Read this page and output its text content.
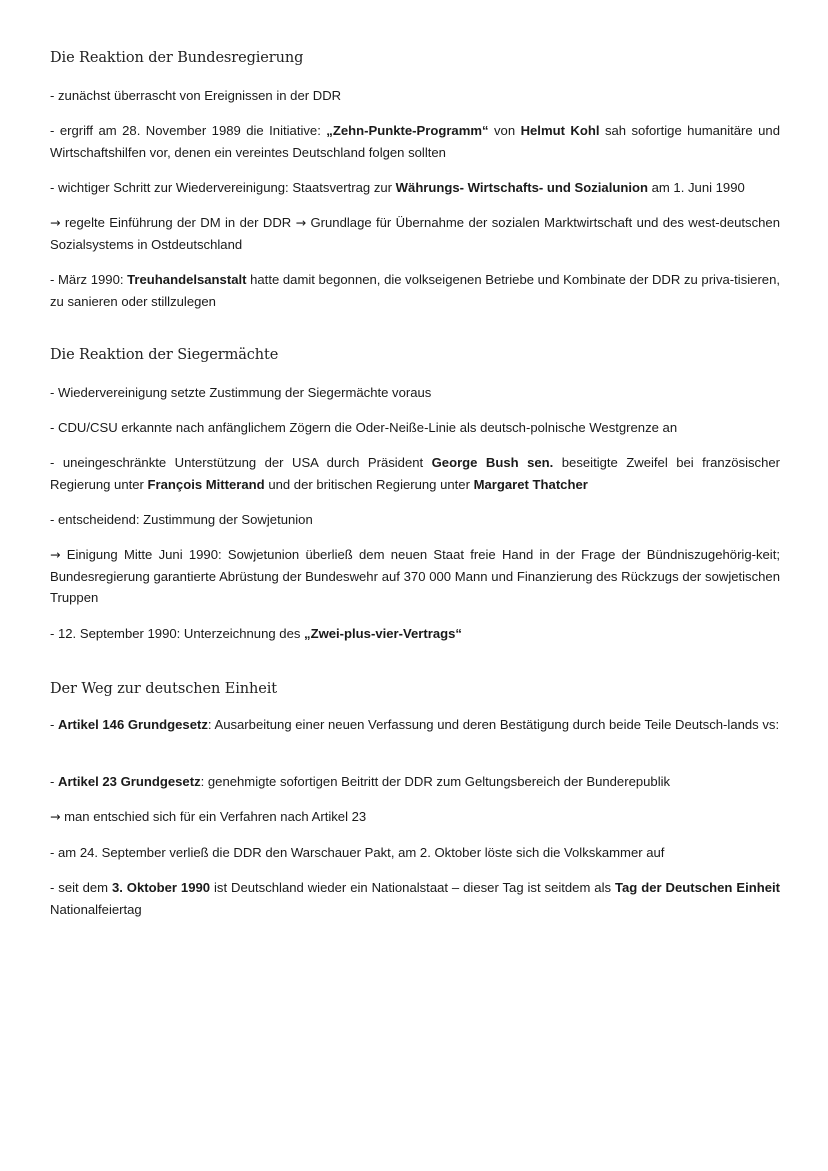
Die Reaktion der Bundesregierung
- zunächst überrascht von Ereignissen in der DDR
- ergriff am 28. November 1989 die Initiative: „Zehn-Punkte-Programm“ von Helmut Kohl sah sofortige humanitäre und Wirtschaftshilfen vor, denen ein vereintes Deutschland folgen sollten
- wichtiger Schritt zur Wiedervereinigung: Staatsvertrag zur Währungs- Wirtschafts- und Sozialunion am 1. Juni 1990
→ regelte Einführung der DM in der DDR → Grundlage für Übernahme der sozialen Marktwirtschaft und des west-deutschen Sozialsystems in Ostdeutschland
- März 1990: Treuhandelsanstalt hatte damit begonnen, die volkseigenen Betriebe und Kombinate der DDR zu priva-tisieren, zu sanieren oder stillzulegen
Die Reaktion der Siegermächte
- Wiedervereinigung setzte Zustimmung der Siegermächte voraus
- CDU/CSU erkannte nach anfänglichem Zögern die Oder-Neiße-Linie als deutsch-polnische Westgrenze an
- uneingeschränkte Unterstützung der USA durch Präsident George Bush sen. beseitigte Zweifel bei französischer Regierung unter François Mitterand und der britischen Regierung unter Margaret Thatcher
- entscheidend: Zustimmung der Sowjetunion
→ Einigung Mitte Juni 1990: Sowjetunion überließ dem neuen Staat freie Hand in der Frage der Bündniszugehörig-keit; Bundesregierung garantierte Abrüstung der Bundeswehr auf 370 000 Mann und Finanzierung des Rückzugs der sowjetischen Truppen
- 12. September 1990: Unterzeichnung des „Zwei-plus-vier-Vertrags“
Der Weg zur deutschen Einheit
- Artikel 146 Grundgesetz: Ausarbeitung einer neuen Verfassung und deren Bestätigung durch beide Teile Deutsch-lands vs:
- Artikel 23 Grundgesetz: genehmigte sofortigen Beitritt der DDR zum Geltungsbereich der Bunderepublik
→ man entschied sich für ein Verfahren nach Artikel 23
- am 24. September verließ die DDR den Warschauer Pakt, am 2. Oktober löste sich die Volkskammer auf
- seit dem 3. Oktober 1990 ist Deutschland wieder ein Nationalstaat – dieser Tag ist seitdem als Tag der Deutschen Einheit Nationalfeiertag
